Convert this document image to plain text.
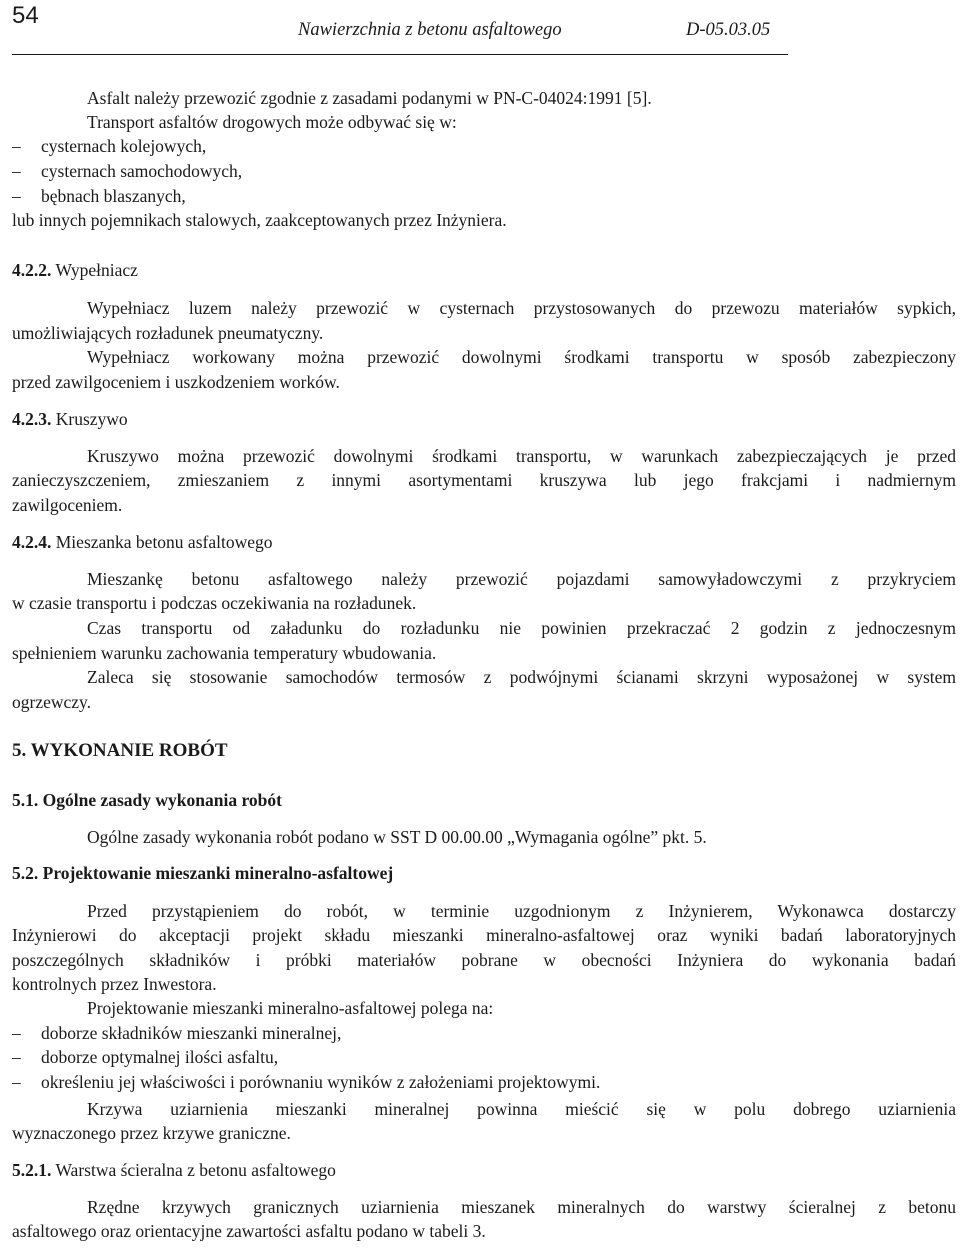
54
Nawierzchnia z betonu asfaltowego	D-05.03.05
Asfalt należy przewozić zgodnie z zasadami podanymi w PN-C-04024:1991 [5].
Transport asfaltów drogowych może odbywać się w:
– cysternach kolejowych,
– cysternach samochodowych,
– bębnach blaszanych,
lub innych pojemnikach stalowych, zaakceptowanych przez Inżyniera.
4.2.2. Wypełniacz
Wypełniacz luzem należy przewozić w cysternach przystosowanych do przewozu materiałów sypkich,
umożliwiających rozładunek pneumatyczny.
Wypełniacz workowany można przewozić dowolnymi środkami transportu w sposób zabezpieczony
przed zawilgoceniem i uszkodzeniem worków.
4.2.3. Kruszywo
Kruszywo można przewozić dowolnymi środkami transportu, w warunkach zabezpieczających je przed
zanieczyszczeniem, zmieszaniem z innymi asortymentami kruszywa lub jego frakcjami i nadmiernym
zawilgoceniem.
4.2.4. Mieszanka betonu asfaltowego
Mieszankę betonu asfaltowego należy przewozić pojazdami samowyładowczymi z przykryciem
w czasie transportu i podczas oczekiwania na rozładunek.
Czas transportu od załadunku do rozładunku nie powinien przekraczać 2 godzin z jednoczesnym
spełnieniem warunku zachowania temperatury wbudowania.
Zaleca się stosowanie samochodów termosów z podwójnymi ścianami skrzyni wyposażonej w system
ogrzewczy.
5. WYKONANIE ROBÓT
5.1. Ogólne zasady wykonania robót
Ogólne zasady wykonania robót podano w SST D 00.00.00 „Wymagania ogólne” pkt. 5.
5.2. Projektowanie mieszanki mineralno-asfaltowej
Przed przystąpieniem do robót, w terminie uzgodnionym z Inżynierem, Wykonawca dostarczy
Inżynierowi do akceptacji projekt składu mieszanki mineralno-asfaltowej oraz wyniki badań laboratoryjnych
poszczególnych składników i próbki materiałów pobrane w obecności Inżyniera do wykonania badań
kontrolnych przez Inwestora.
Projektowanie mieszanki mineralno-asfaltowej polega na:
– doborze składników mieszanki mineralnej,
– doborze optymalnej ilości asfaltu,
– określeniu jej właściwości i porównaniu wyników z założeniami projektowymi.
Krzywa uziarnienia mieszanki mineralnej powinna mieścić się w polu dobrego uziarnienia
wyznaczonego przez krzywe graniczne.
5.2.1. Warstwa ścieralna z betonu asfaltowego
Rzędne krzywych granicznych uziarnienia mieszanek mineralnych do warstwy ścieralnej z betonu
asfaltowego oraz orientacyjne zawartości asfaltu podano w tabeli 3.
